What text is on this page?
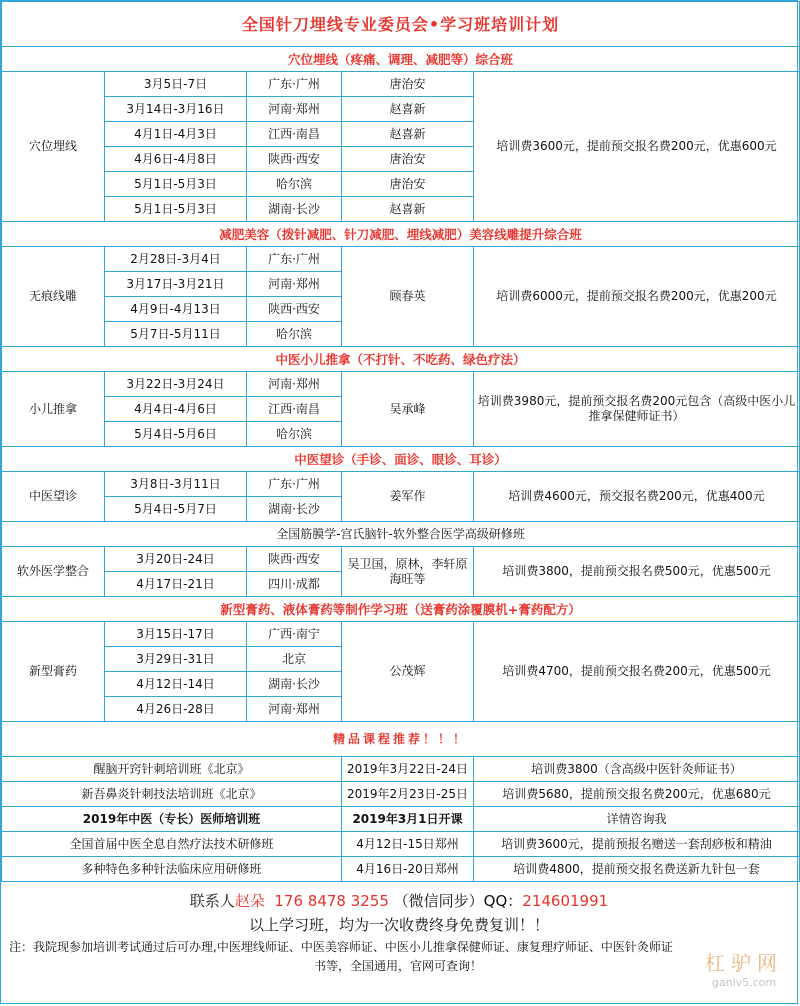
全国针刀埋线专业委员会•学习班培训计划				
穴位埋线（疼痛、调理、减肥等）综合班				
穴位埋线	3月5日-7日	广东·广州	唐治安	培训费3600元，提前预交报名费200元，优惠600元
	3月14日-3月16日	河南·郑州	赵喜新	
	4月1日-4月3日	江西·南昌	赵喜新	
	4月6日-4月8日	陕西·西安	唐治安	
	5月1日-5月3日	哈尔滨	唐治安	
	5月1日-5月3日	湖南·长沙	赵喜新	
减肥美容（拨针减肥、针刀减肥、埋线减肥）美容线雕提升综合班				
无痕线雕	2月28日-3月4日	广东·广州	顾春英	培训费6000元，提前预交报名费200元，优惠200元
	3月17日-3月21日	河南·郑州		
	4月9日-4月13日	陕西·西安		
	5月7日-5月11日	哈尔滨		
中医小儿推拿（不打针、不吃药、绿色疗法）				
小儿推拿	3月22日-3月24日	河南·郑州	吴承峰	培训费3980元，提前预交报名费200元包含（高级中医小儿推拿保健师证书）
	4月4日-4月6日	江西·南昌		
	5月4日-5月6日	哈尔滨		
中医望诊（手诊、面诊、眼诊、耳诊）				
中医望诊	3月8日-3月11日	广东·广州	姜军作	培训费4600元，预交报名费200元，优惠400元
	5月4日-5月7日	湖南·长沙		
全国筋膜学-宫氏脑针-软外整合医学高级研修班				
软外医学整合	3月20日-24日	陕西·西安	吴卫国，原林，李轩原海旺等	培训费3800，提前预交报名费500元，优惠500元
	4月17日-21日	四川·成都		
新型膏药、液体膏药等制作学习班（送膏药涂覆膜机+膏药配方）				
新型膏药	3月15日-17日	广西·南宁	公茂辉	培训费4700，提前预交报名费200元，优惠500元
	3月29日-31日	北京		
	4月12日-14日	湖南·长沙		
	4月26日-28日	河南·郑州		
精品课程推荐！！！				
醒脑开窍针刺培训班《北京》			2019年3月22日-24日	培训费3800（含高级中医针灸师证书）
新吾鼻炎针刺技法培训班《北京》			2019年2月23日-25日	培训费5680，提前预交报名费200元，优惠680元
2019年中医（专长）医师培训班			2019年3月1日开课	详情咨询我
全国首届中医全息自然疗法技术研修班			4月12日-15日郑州	培训费3600元，提前预报名赠送一套刮痧板和精油
多种特色多种针法临床应用研修班			4月16日-20日郑州	培训费4800，提前预交报名费送新九针包一套
联系人赵朵 176 8478 3255 （微信同步）QQ：214601991
以上学习班，均为一次收费终身免费复训！！
注：我院现参加培训考试通过后可办理,中医埋线师证、中医美容师证、中医小儿推拿保健师证、康复理疗师证、中医针灸师证
书等，全国通用，官网可查询！	杠驴网
ganlv5.com
